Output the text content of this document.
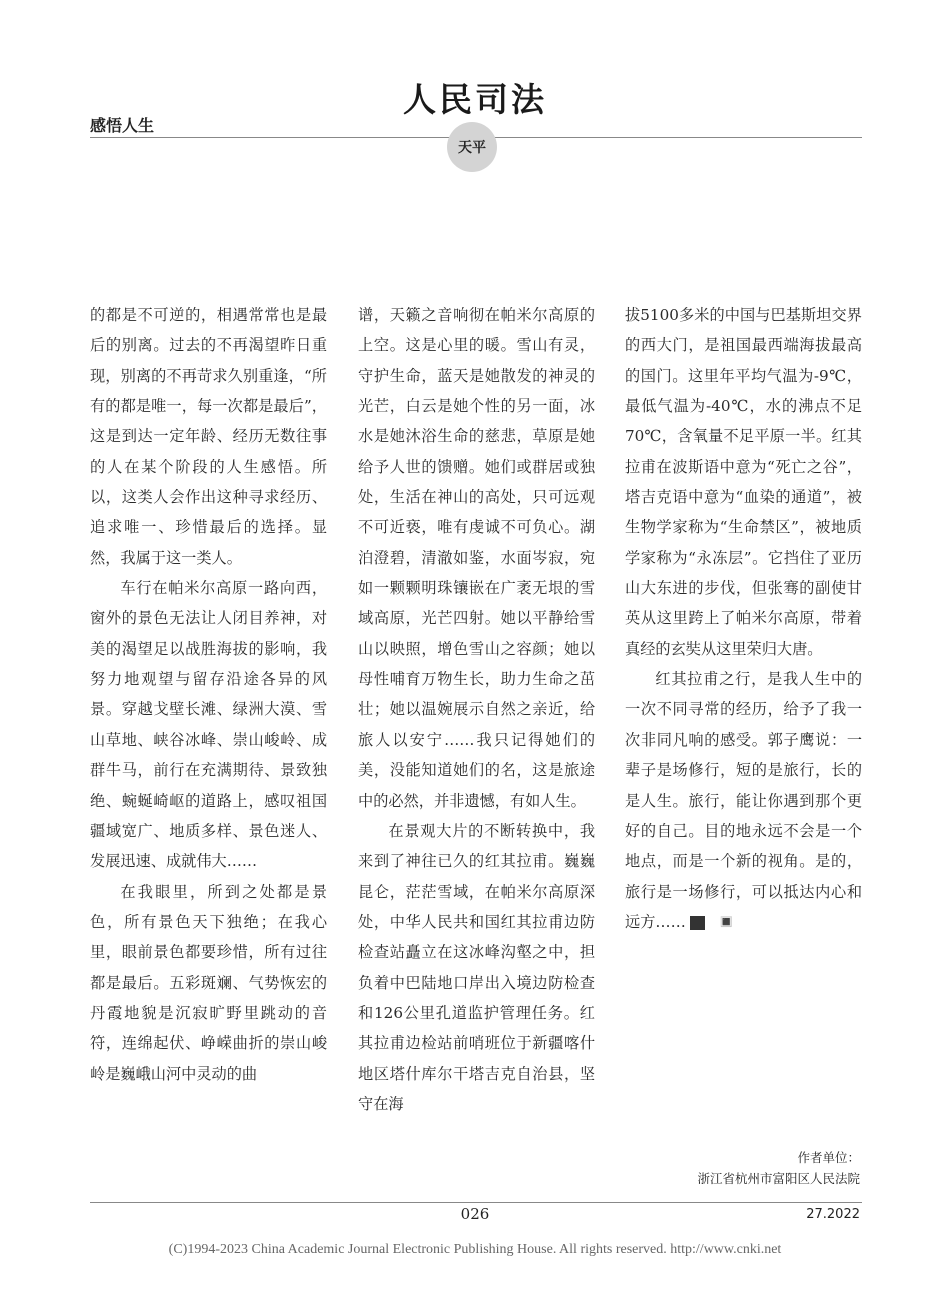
感悟人生
人民司法
天平

的都是不可逆的，相遇常常也是最后的别离。过去的不再渴望昨日重现，别离的不再苛求久别重逢，“所有的都是唯一，每一次都是最后”，这是到达一定年龄、经历无数往事的人在某个阶段的人生感悟。所以，这类人会作出这种寻求经历、追求唯一、珍惜最后的选择。显然，我属于这一类人。

车行在帕米尔高原一路向西，窗外的景色无法让人闭目养神，对美的渴望足以战胜海拔的影响，我努力地观望与留存沿途各异的风景。穿越戈壁长滩、绿洲大漠、雪山草地、峡谷冰峰、崇山峻岭、成群牛马，前行在充满期待、景致独绝、蜿蜒崎岖的道路上，感叹祖国疆域宽广、地质多样、景色迷人、发展迅速、成就伟大……

在我眼里，所到之处都是景色，所有景色天下独绝；在我心里，眼前景色都要珍惜，所有过往都是最后。五彩斑斓、气势恢宏的丹霞地貌是沉寂旷野里跳动的音符，连绵起伏、峥嵘曲折的崇山峻岭是巍峨山河中灵动的曲

谱，天籁之音响彻在帕米尔高原的上空。这是心里的暖。雪山有灵，守护生命，蓝天是她散发的神灵的光芒，白云是她个性的另一面，冰水是她沐浴生命的慈悲，草原是她给予人世的馈赠。她们或群居或独处，生活在神山的高处，只可远观不可近亵，唯有虔诚不可负心。湖泊澄碧，清澈如鉴，水面岑寂，宛如一颗颗明珠镶嵌在广袤无垠的雪域高原，光芒四射。她以平静给雪山以映照，增色雪山之容颜；她以母性哺育万物生长，助力生命之茁壮；她以温婉展示自然之亲近，给旅人以安宁……我只记得她们的美，没能知道她们的名，这是旅途中的必然，并非遗憾，有如人生。

在景观大片的不断转换中，我来到了神往已久的红其拉甫。巍巍昆仑，茫茫雪域，在帕米尔高原深处，中华人民共和国红其拉甫边防检查站矗立在这冰峰沟壑之中，担负着中巴陆地口岸出入境边防检查和126公里孔道监护管理任务。红其拉甫边检站前哨班位于新疆喀什地区塔什库尔干塔吉克自治县，坚守在海

拔5100多米的中国与巴基斯坦交界的西大门，是祖国最西端海拔最高的国门。这里年平均气温为-9℃，最低气温为-40℃，水的沸点不足70℃，含氧量不足平原一半。红其拉甫在波斯语中意为“死亡之谷”，塔吉克语中意为“血染的通道”，被生物学家称为“生命禁区”，被地质学家称为“永冻层”。它挡住了亚历山大东进的步伐，但张骞的副使甘英从这里跨上了帕米尔高原，带着真经的玄奘从这里荣归大唐。

红其拉甫之行，是我人生中的一次不同寻常的经历，给予了我一次非同凡响的感受。郭子鹰说：一辈子是场修行，短的是旅行，长的是人生。旅行，能让你遇到那个更好的自己。目的地永远不会是一个地点，而是一个新的视角。是的，旅行是一场修行，可以抵达内心和远方……	🔳

作者单位：
浙江省杭州市富阳区人民法院
026	27.2022
(C)1994-2023 China Academic Journal Electronic Publishing House. All rights reserved. http://www.cnki.net
